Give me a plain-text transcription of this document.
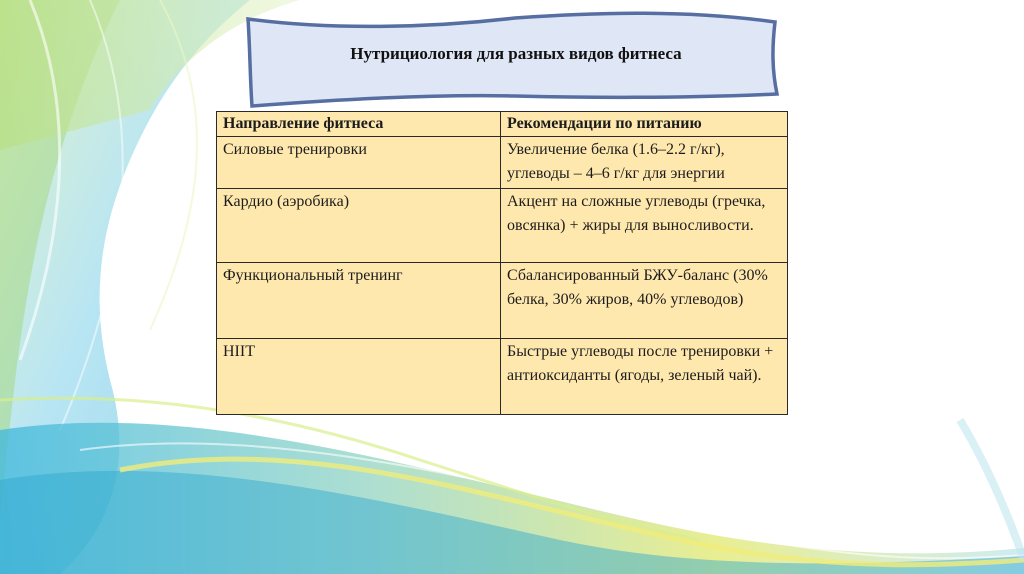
Нутрициология для разных видов фитнеса
Направление фитнеса	Рекомендации по питанию
Силовые тренировки	Увеличение белка (1.6–2.2 г/кг), углеводы – 4–6 г/кг для энергии
Кардио (аэробика)	Акцент на сложные углеводы (гречка, овсянка) + жиры для выносливости.
Функциональный тренинг	Сбалансированный БЖУ-баланс (30% белка, 30% жиров, 40% углеводов)
HIIT	Быстрые углеводы после тренировки + антиоксиданты (ягоды, зеленый чай).
